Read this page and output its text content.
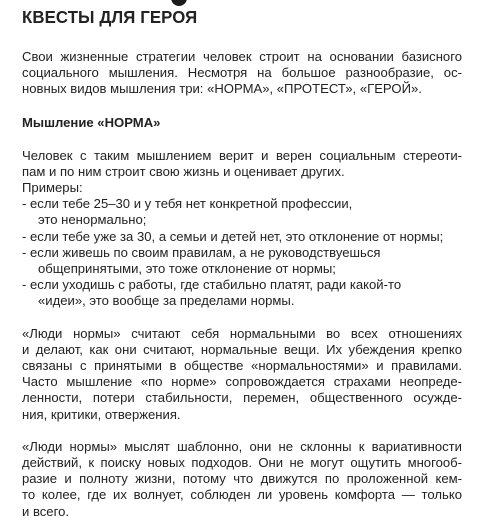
КВЕСТЫ ДЛЯ ГЕРОЯ

Свои жизненные стратегии человек строит на основании базисного
социального мышления. Несмотря на большое разнообразие, ос-
новных видов мышления три: «НОРМА», «ПРОТЕСТ», «ГЕРОЙ».

Мышление «НОРМА»

Человек с таким мышлением верит и верен социальным стереоти-
пам и по ним строит свою жизнь и оценивает других.
Примеры:
- если тебе 25–30 и у тебя нет конкретной профессии,
это ненормально;
- если тебе уже за 30, а семьи и детей нет, это отклонение от нормы;
- если живешь по своим правилам, а не руководствуешься
общепринятыми, это тоже отклонение от нормы;
- если уходишь с работы, где стабильно платят, ради какой-то
«идеи», это вообще за пределами нормы.

«Люди нормы» считают себя нормальными во всех отношениях
и делают, как они считают, нормальные вещи. Их убеждения крепко
связаны с принятыми в обществе «нормальностями» и правилами.
Часто мышление «по норме» сопровождается страхами неопреде-
ленности, потери стабильности, перемен, общественного осужде-
ния, критики, отвержения.

«Люди нормы» мыслят шаблонно, они не склонны к вариативности
действий, к поиску новых подходов. Они не могут ощутить многооб-
разие и полноту жизни, потому что движутся по проложенной кем-
то колее, где их волнует, соблюден ли уровень комфорта — только
и всего.
